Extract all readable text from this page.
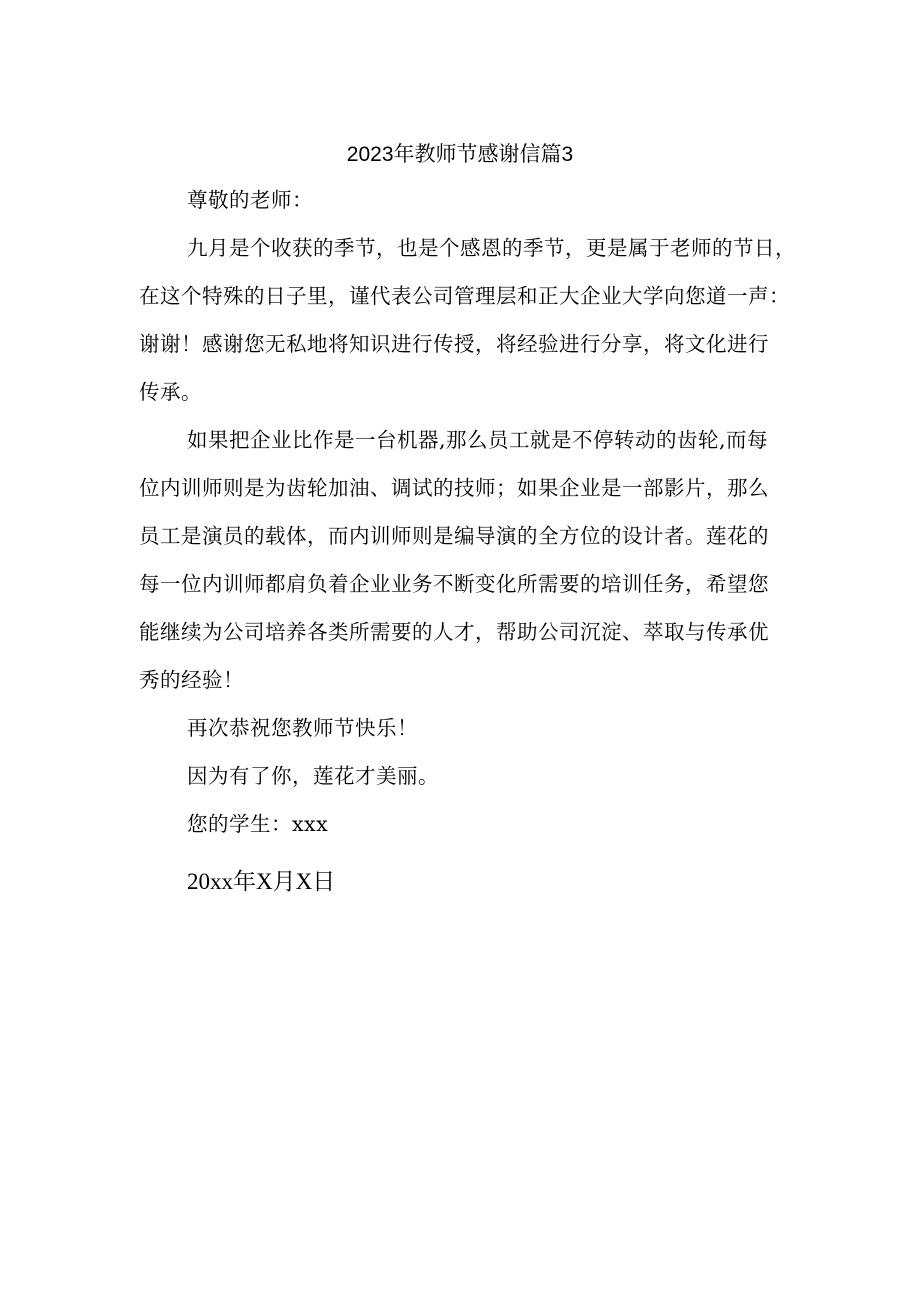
2023年教师节感谢信篇3
尊敬的老师：
九月是个收获的季节，也是个感恩的季节，更是属于老师的节日，
在这个特殊的日子里，谨代表公司管理层和正大企业大学向您道一声：
谢谢！感谢您无私地将知识进行传授，将经验进行分享，将文化进行
传承。
如果把企业比作是一台机器,那么员工就是不停转动的齿轮,而每
位内训师则是为齿轮加油、调试的技师；如果企业是一部影片，那么
员工是演员的载体，而内训师则是编导演的全方位的设计者。莲花的
每一位内训师都肩负着企业业务不断变化所需要的培训任务，希望您
能继续为公司培养各类所需要的人才，帮助公司沉淀、萃取与传承优
秀的经验！
再次恭祝您教师节快乐！
因为有了你，莲花才美丽。
您的学生：xxx
20xx年X月X日
